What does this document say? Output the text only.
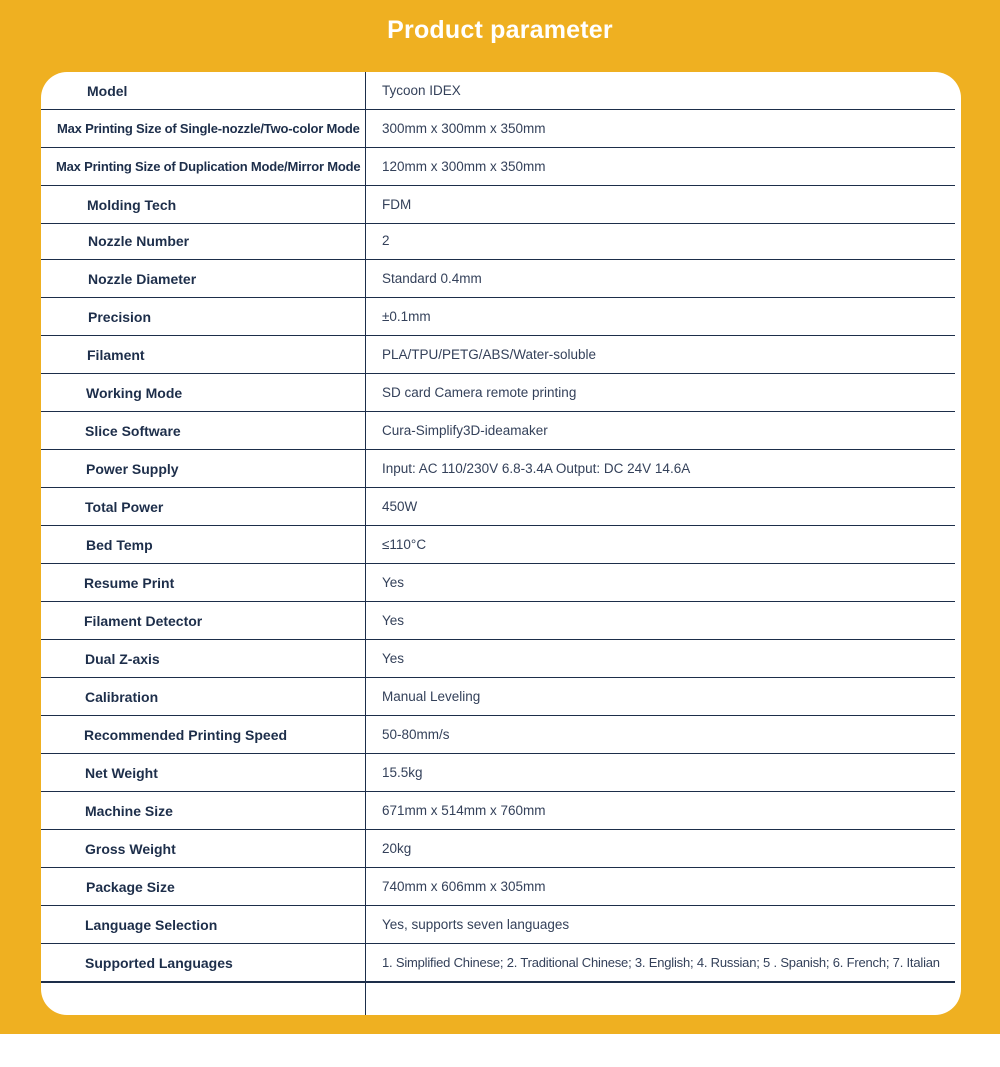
Product parameter
Model	Tycoon IDEX
Max Printing Size of Single-nozzle/Two-color Mode 300mm x 300mm x 350mm
Max Printing Size of Duplication Mode/Mirror Mode 120mm x 300mm x 350mm
Molding Tech	FDM
Nozzle Number	2
Nozzle Diameter	Standard 0.4mm
Precision	±0.1mm
Filament	PLA/TPU/PETG/ABS/Water-soluble
Working Mode	SD card Camera remote printing
Slice Software	Cura-Simplify3D-ideamaker
Power Supply	Input: AC 110/230V 6.8-3.4A Output: DC 24V 14.6A
Total Power	450W
Bed Temp	≤110°C
Resume Print	Yes
Filament Detector	Yes
Dual Z-axis	Yes
Calibration	Manual Leveling
Recommended Printing Speed	50-80mm/s
Net Weight	15.5kg
Machine Size	671mm x 514mm x 760mm
Gross Weight	20kg
Package Size	740mm x 606mm x 305mm
Language Selection	Yes, supports seven languages
Supported Languages	1. Simplified Chinese; 2. Traditional Chinese; 3. English; 4. Russian; 5 . Spanish; 6. French; 7. Italian
